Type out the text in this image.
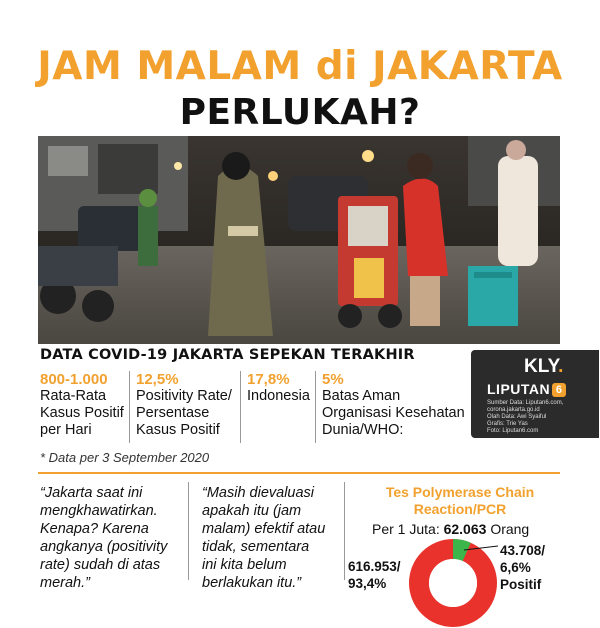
JAM MALAM di JAKARTA
PERLUKAH?
DATA COVID-19 JAKARTA SEPEKAN TERAKHIR
800-1.000
Rata-Rata
Kasus Positif
per Hari
12,5%
Positivity Rate/
Persentase
Kasus Positif
17,8%
Indonesia
5%
Batas Aman
Organisasi Kesehatan
Dunia/WHO:
KLY.
LIPUTAN 6
Sumber Data: Liputan6.com,
corona.jakarta.go.id
Olah Data: Awi Syaiful
Grafis: Trie Yas
Foto: Liputan6.com
* Data per 3 September 2020
“Jakarta saat ini
mengkhawatirkan.
Kenapa? Karena
angkanya (positivity
rate) sudah di atas
merah.”
“Masih dievaluasi
apakah itu (jam
malam) efektif atau
tidak, sementara
ini kita belum
berlakukan itu.”
Tes Polymerase Chain
Reaction/PCR
Per 1 Juta: 62.063 Orang
43.708/
6,6%
Positif
616.953/
93,4%
